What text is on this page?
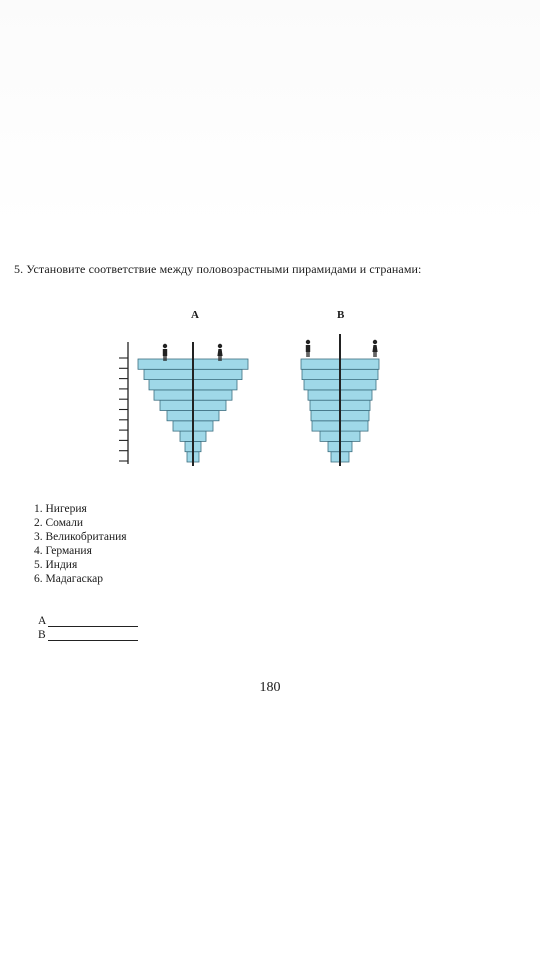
5. Установите соответствие между половозрастными пирамидами и странами:
A	B
1. Нигерия
2. Сомали
3. Великобритания
4. Германия
5. Индия
6. Мадагаскар
A
B
180
